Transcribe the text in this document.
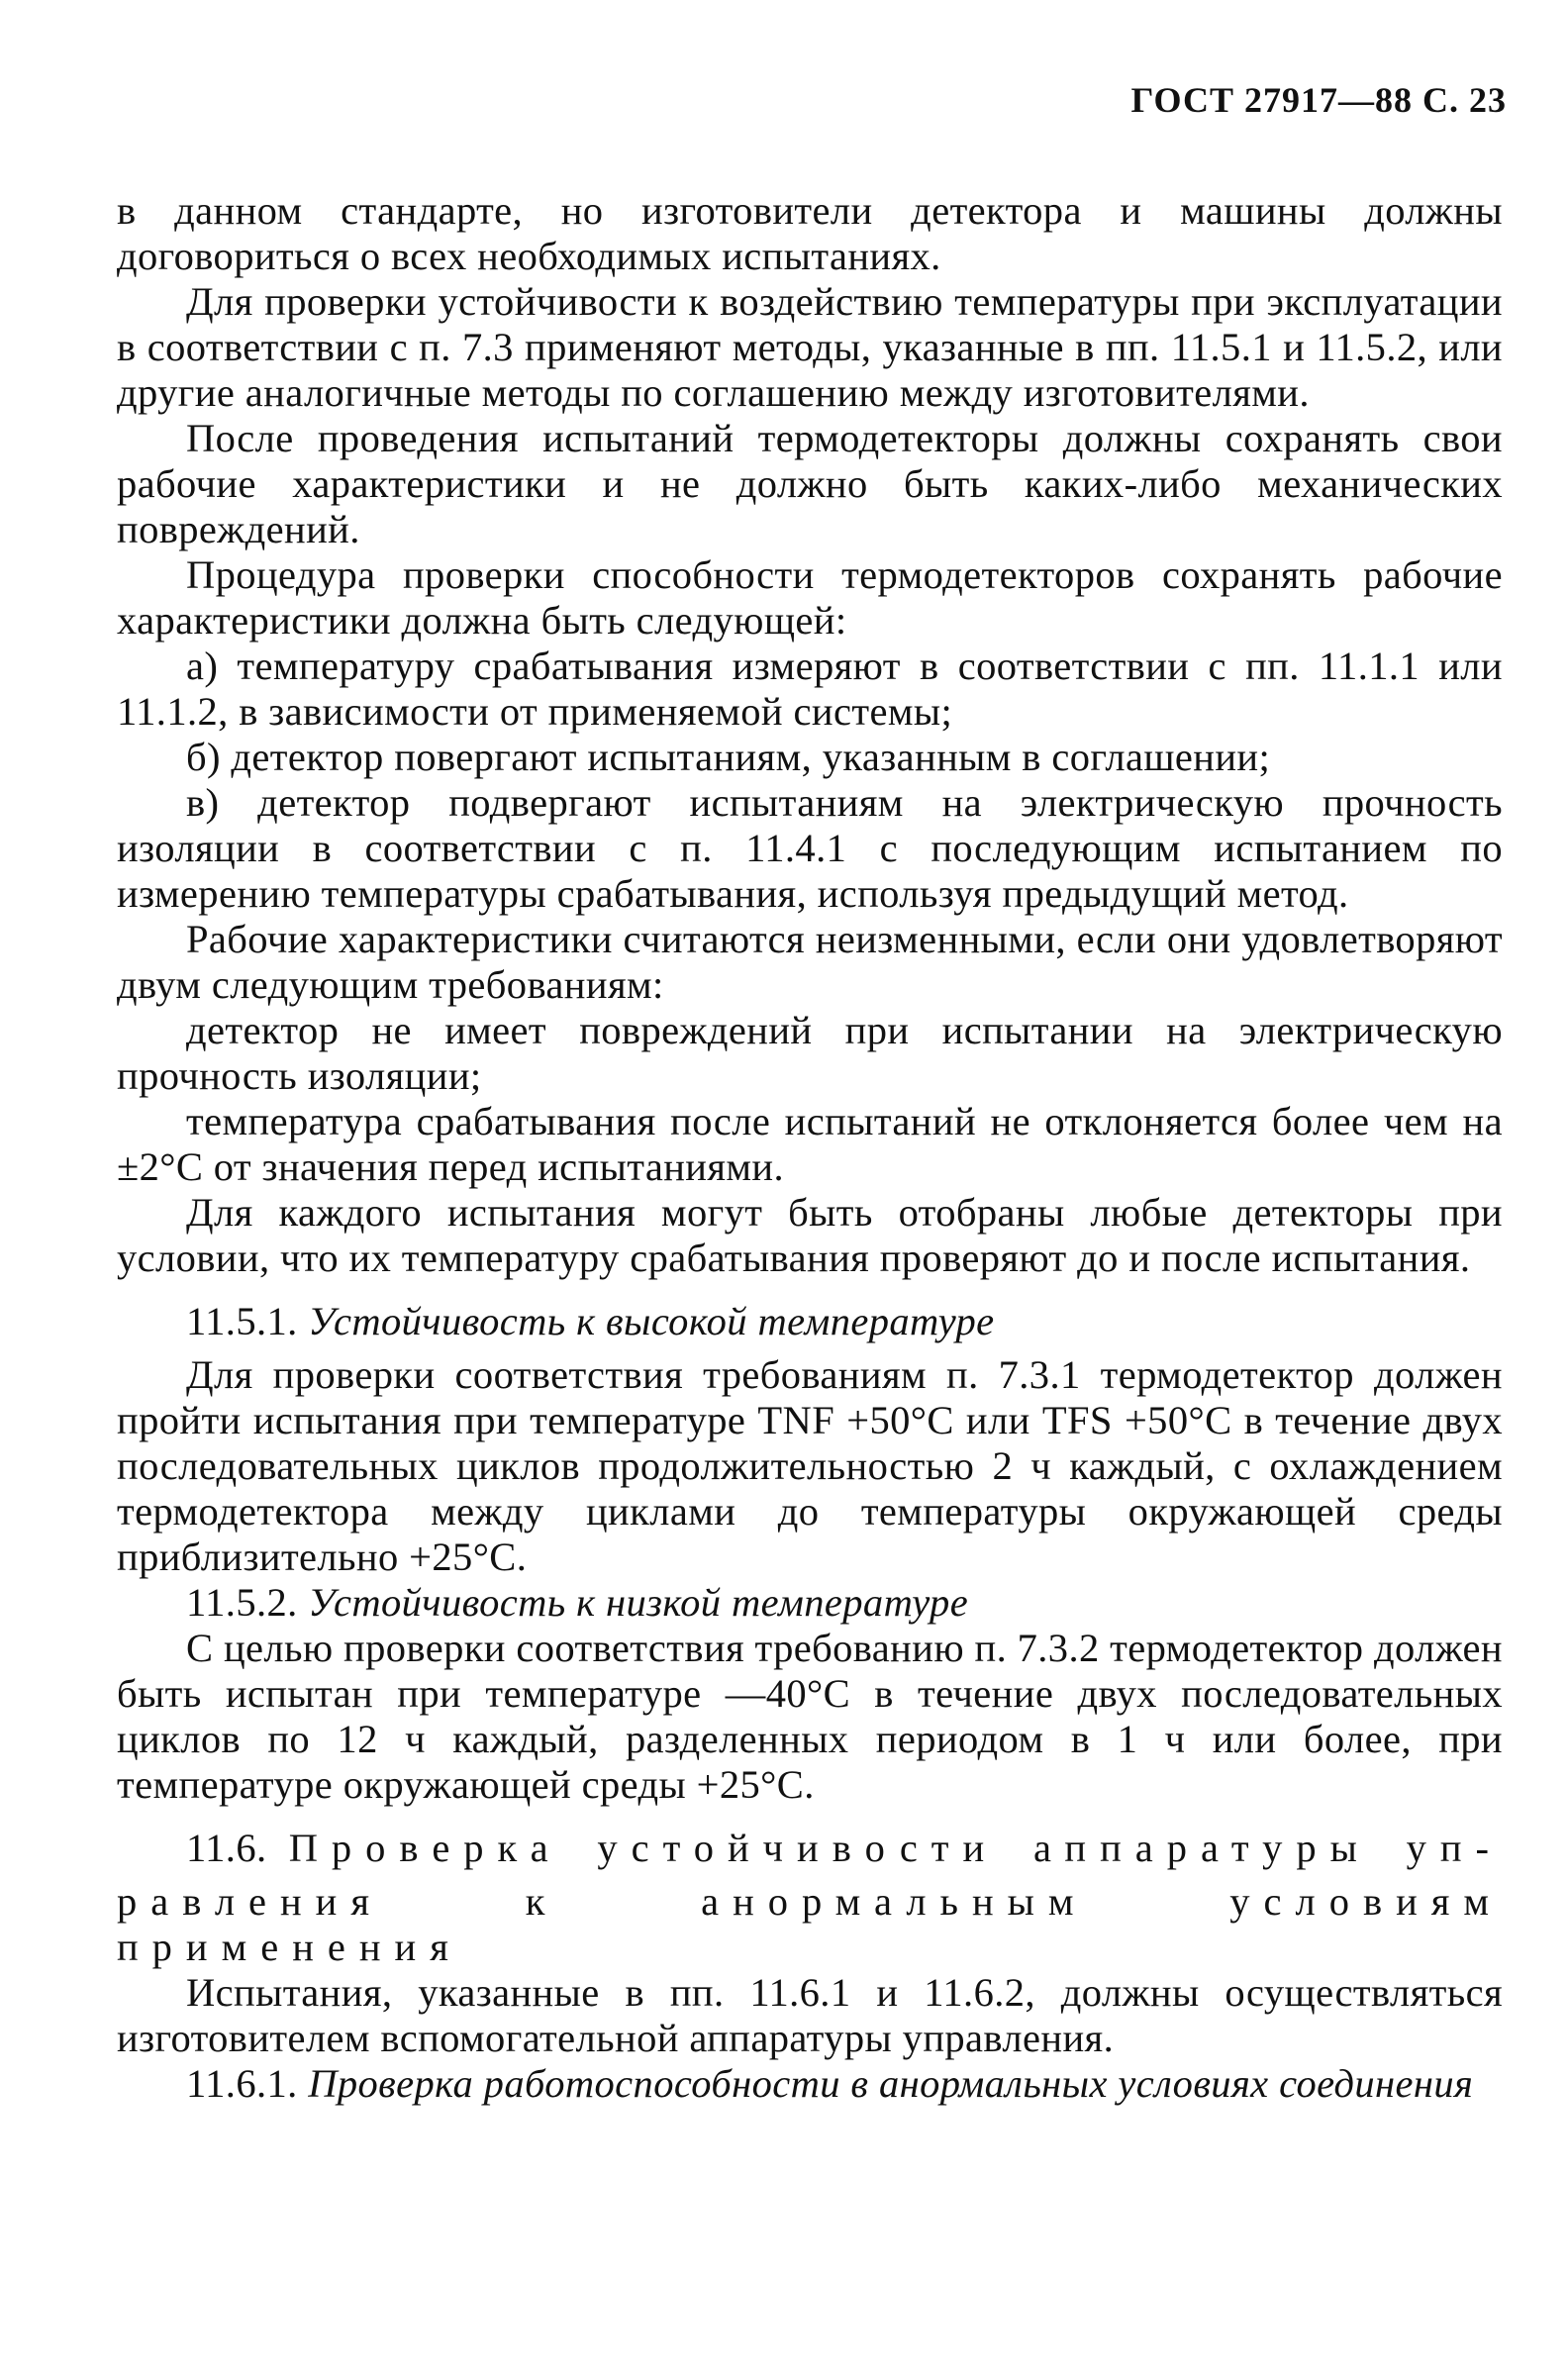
ГОСТ 27917—88 С. 23

в данном стандарте, но изготовители детектора и машины должны договориться о всех необходимых испытаниях.

Для проверки устойчивости к воздействию температуры при эксплуатации в соответствии с п. 7.3 применяют методы, указанные в пп. 11.5.1 и 11.5.2, или другие аналогичные методы по соглашению между изготовителями.

После проведения испытаний термодетекторы должны сохранять свои рабочие характеристики и не должно быть каких-либо механических повреждений.

Процедура проверки способности термодетекторов сохранять рабочие характеристики должна быть следующей:

а) температуру срабатывания измеряют в соответствии с пп. 11.1.1 или 11.1.2, в зависимости от применяемой системы;

б) детектор повергают испытаниям, указанным в соглашении;

в) детектор подвергают испытаниям на электрическую прочность изоляции в соответствии с п. 11.4.1 с последующим испытанием по измерению температуры срабатывания, используя предыдущий метод.

Рабочие характеристики считаются неизменными, если они удовлетворяют двум следующим требованиям:

детектор не имеет повреждений при испытании на электрическую прочность изоляции;

температура срабатывания после испытаний не отклоняется более чем на ±2°С от значения перед испытаниями.

Для каждого испытания могут быть отобраны любые детекторы при условии, что их температуру срабатывания проверяют до и после испытания.

11.5.1. Устойчивость к высокой температуре

Для проверки соответствия требованиям п. 7.3.1 термодетектор должен пройти испытания при температуре TNF +50°С или TFS +50°С в течение двух последовательных циклов продолжительностью 2 ч каждый, с охлаждением термодетектора между циклами до температуры окружающей среды приблизительно +25°С.

11.5.2. Устойчивость к низкой температуре

С целью проверки соответствия требованию п. 7.3.2 термодетектор должен быть испытан при температуре —40°С в течение двух последовательных циклов по 12 ч каждый, разделенных периодом в 1 ч или более, при температуре окружающей среды +25°С.

11.6. Проверка устойчивости аппаратуры уп-

равления к анормальным условиям применения

Испытания, указанные в пп. 11.6.1 и 11.6.2, должны осуществляться изготовителем вспомогательной аппаратуры управления.

11.6.1. Проверка работоспособности в анормальных условиях соединения
